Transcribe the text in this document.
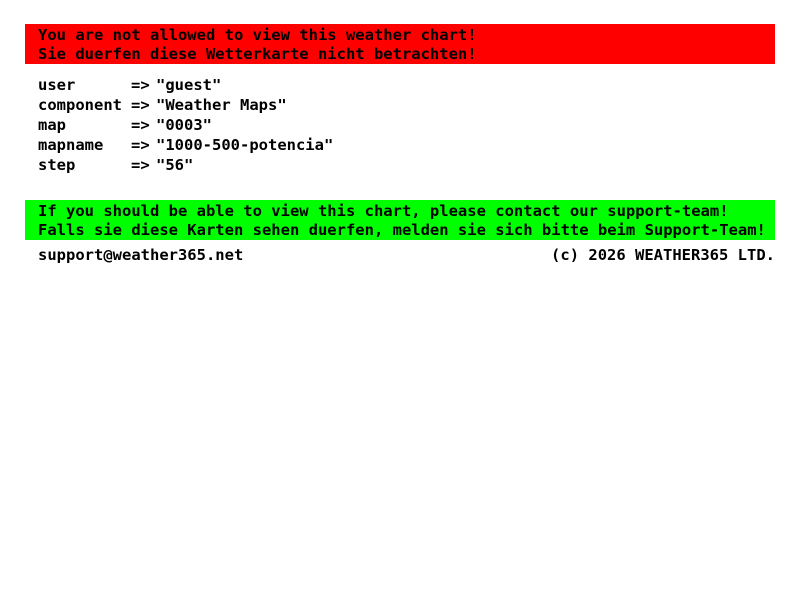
You are not allowed to view this weather chart!
Sie duerfen diese Wetterkarte nicht betrachten!
user	=> "guest"
component => "Weather Maps"
map	=> "0003"
mapname	=> "1000-500-potencia"
step	=> "56"
If you should be able to view this chart, please contact our support-team!
Falls sie diese Karten sehen duerfen, melden sie sich bitte beim Support-Team!
support@weather365.net	(c) 2026 WEATHER365 LTD.
